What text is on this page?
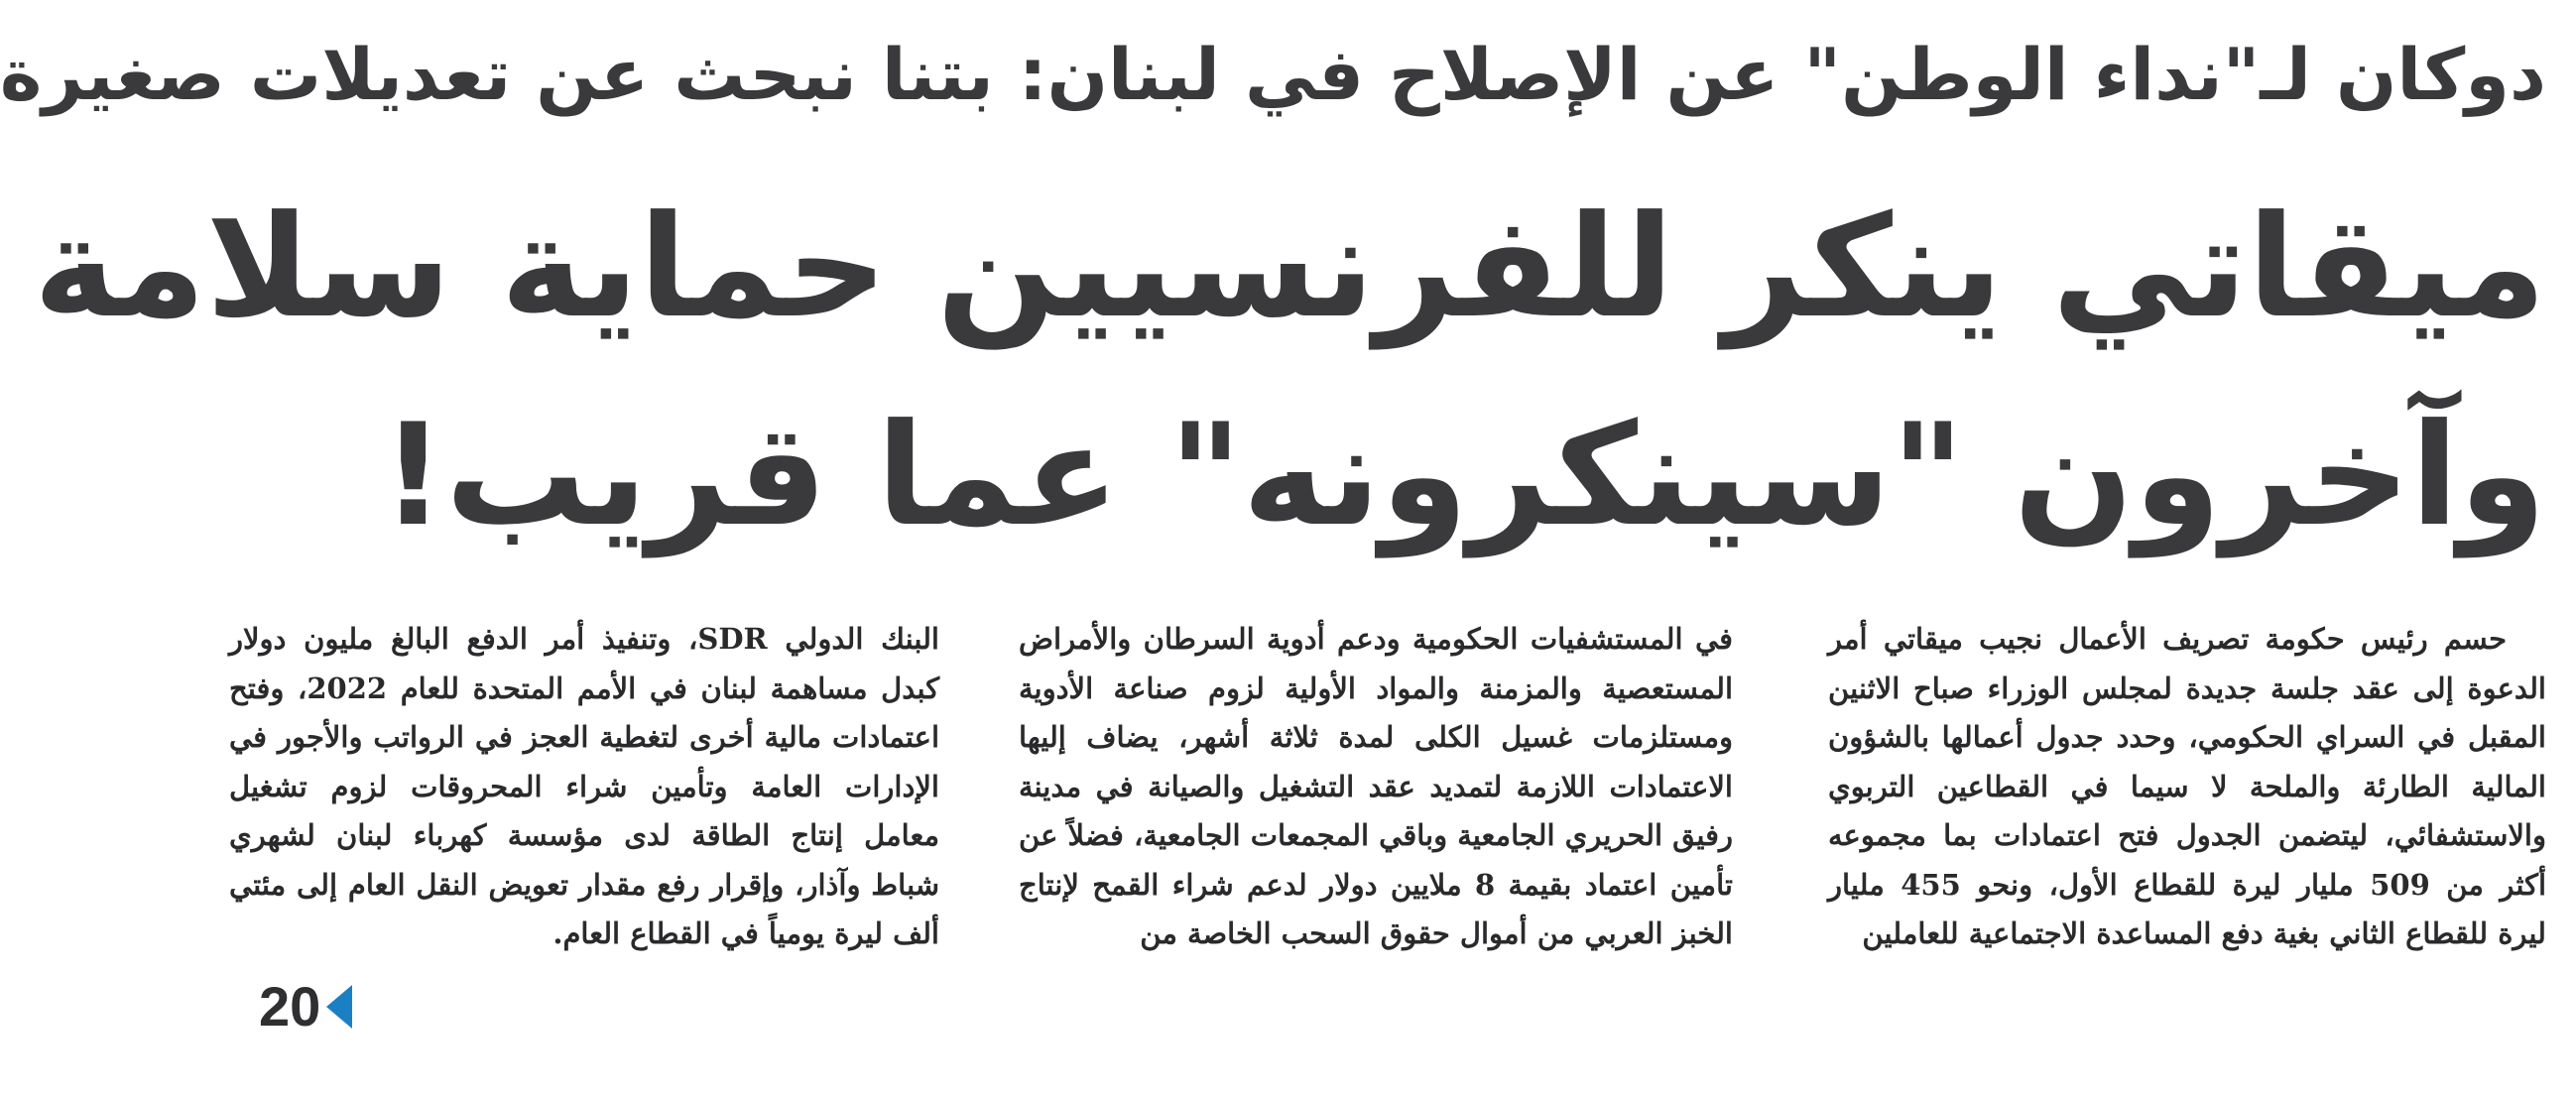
دوكان لـ"نداء الوطن" عن الإصلاح في لبنان: بتنا نبحث عن تعديلات صغيرة
ميقاتي ينكر للفرنسيين حماية سلامة
وآخرون "سينكرونه" عما قريب!

حسم رئيس حكومة تصريف الأعمال نجيب ميقاتي أمر الدعوة إلى عقد جلسة جديدة لمجلس الوزراء صباح الاثنين المقبل في السراي الحكومي، وحدد جدول أعمالها بالشؤون المالية الطارئة والملحة لا سيما في القطاعين التربوي والاستشفائي، ليتضمن الجدول فتح اعتمادات بما مجموعه أكثر من 509 مليار ليرة للقطاع الأول، ونحو 455 مليار ليرة للقطاع الثاني بغية دفع المساعدة الاجتماعية للعاملين

في المستشفيات الحكومية ودعم أدوية السرطان والأمراض المستعصية والمزمنة والمواد الأولية لزوم صناعة الأدوية ومستلزمات غسيل الكلى لمدة ثلاثة أشهر، يضاف إليها الاعتمادات اللازمة لتمديد عقد التشغيل والصيانة في مدينة رفيق الحريري الجامعية وباقي المجمعات الجامعية، فضلاً عن تأمين اعتماد بقيمة 8 ملايين دولار لدعم شراء القمح لإنتاج الخبز العربي من أموال حقوق السحب الخاصة من

البنك الدولي SDR، وتنفيذ أمر الدفع البالغ مليون دولار كبدل مساهمة لبنان في الأمم المتحدة للعام 2022، وفتح اعتمادات مالية أخرى لتغطية العجز في الرواتب والأجور في الإدارات العامة وتأمين شراء المحروقات لزوم تشغيل معامل إنتاج الطاقة لدى مؤسسة كهرباء لبنان لشهري شباط وآذار، وإقرار رفع مقدار تعويض النقل العام إلى مئتي ألف ليرة يومياً في القطاع العام.

20
